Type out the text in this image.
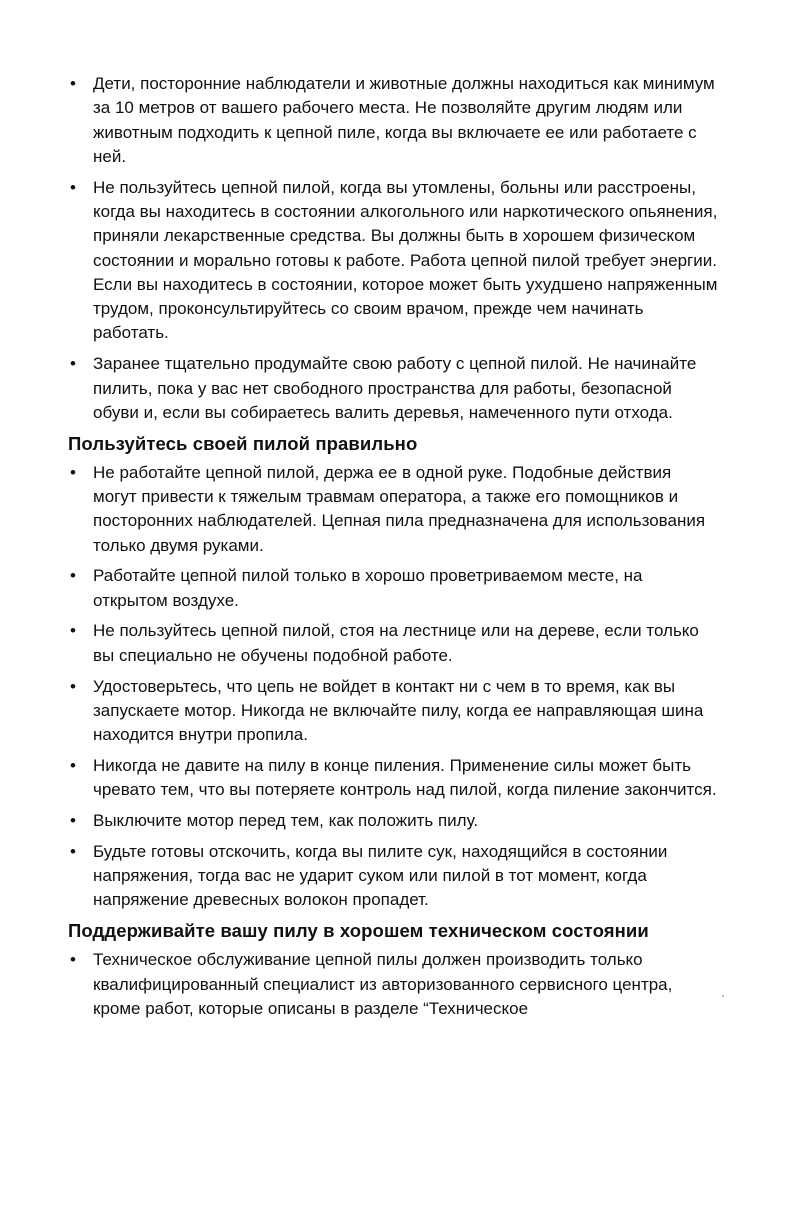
• Дети, посторонние наблюдатели и животные должны находиться как минимум за 10 метров от вашего рабочего места. Не позволяйте другим людям или животным подходить к цепной пиле, когда вы включаете ее или работаете с ней.
• Не пользуйтесь цепной пилой, когда вы утомлены, больны или расстроены, когда вы находитесь в состоянии алкогольного или наркотического опьянения, приняли лекарственные средства. Вы должны быть в хорошем физическом состоянии и морально готовы к работе. Работа цепной пилой требует энергии. Если вы находитесь в состоянии, которое может быть ухудшено напряженным трудом, проконсультируйтесь со своим врачом, прежде чем начинать работать.
• Заранее тщательно продумайте свою работу с цепной пилой. Не начинайте пилить, пока у вас нет свободного пространства для работы, безопасной обуви и, если вы собираетесь валить деревья, намеченного пути отхода.
Пользуйтесь своей пилой правильно
• Не работайте цепной пилой, держа ее в одной руке. Подобные действия могут привести к тяжелым травмам оператора, а также его помощников и посторонних наблюдателей. Цепная пила предназначена для использования только двумя руками.
• Работайте цепной пилой только в хорошо проветриваемом месте, на открытом воздухе.
• Не пользуйтесь цепной пилой, стоя на лестнице или на дереве, если только вы специально не обучены подобной работе.
• Удостоверьтесь, что цепь не войдет в контакт ни с чем в то время, как вы запускаете мотор. Никогда не включайте пилу, когда ее направляющая шина находится внутри пропила.
• Никогда не давите на пилу в конце пиления. Применение силы может быть чревато тем, что вы потеряете контроль над пилой, когда пиление закончится.
• Выключите мотор перед тем, как положить пилу.
• Будьте готовы отскочить, когда вы пилите сук, находящийся в состоянии напряжения, тогда вас не ударит суком или пилой в тот момент, когда напряжение древесных волокон пропадет.
Поддерживайте вашу пилу в хорошем техническом состоянии
• Техническое обслуживание цепной пилы должен производить только квалифицированный специалист из авторизованного сервисного центра, кроме работ, которые описаны в разделе “Техническое
